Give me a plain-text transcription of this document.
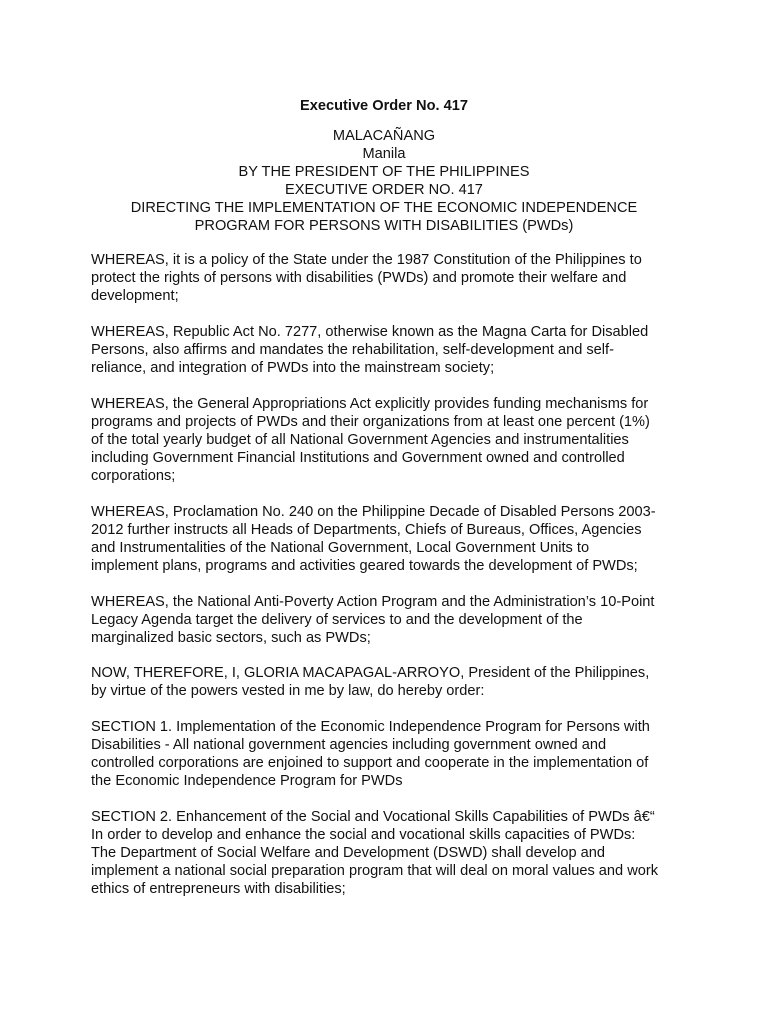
Executive Order No. 417
MALACAÑANG
Manila
BY THE PRESIDENT OF THE PHILIPPINES
EXECUTIVE ORDER NO. 417
DIRECTING THE IMPLEMENTATION OF THE ECONOMIC INDEPENDENCE
PROGRAM FOR PERSONS WITH DISABILITIES (PWDs)

WHEREAS, it is a policy of the State under the 1987 Constitution of the Philippines to
protect the rights of persons with disabilities (PWDs) and promote their welfare and
development;

WHEREAS, Republic Act No. 7277, otherwise known as the Magna Carta for Disabled
Persons, also affirms and mandates the rehabilitation, self-development and self-
reliance, and integration of PWDs into the mainstream society;

WHEREAS, the General Appropriations Act explicitly provides funding mechanisms for
programs and projects of PWDs and their organizations from at least one percent (1%)
of the total yearly budget of all National Government Agencies and instrumentalities
including Government Financial Institutions and Government owned and controlled
corporations;

WHEREAS, Proclamation No. 240 on the Philippine Decade of Disabled Persons 2003-
2012 further instructs all Heads of Departments, Chiefs of Bureaus, Offices, Agencies
and Instrumentalities of the National Government, Local Government Units to
implement plans, programs and activities geared towards the development of PWDs;

WHEREAS, the National Anti-Poverty Action Program and the Administration’s 10-Point
Legacy Agenda target the delivery of services to and the development of the
marginalized basic sectors, such as PWDs;

NOW, THEREFORE, I, GLORIA MACAPAGAL-ARROYO, President of the Philippines,
by virtue of the powers vested in me by law, do hereby order:

SECTION 1. Implementation of the Economic Independence Program for Persons with
Disabilities - All national government agencies including government owned and
controlled corporations are enjoined to support and cooperate in the implementation of
the Economic Independence Program for PWDs

SECTION 2. Enhancement of the Social and Vocational Skills Capabilities of PWDs â€“
In order to develop and enhance the social and vocational skills capacities of PWDs:
The Department of Social Welfare and Development (DSWD) shall develop and
implement a national social preparation program that will deal on moral values and work
ethics of entrepreneurs with disabilities;
